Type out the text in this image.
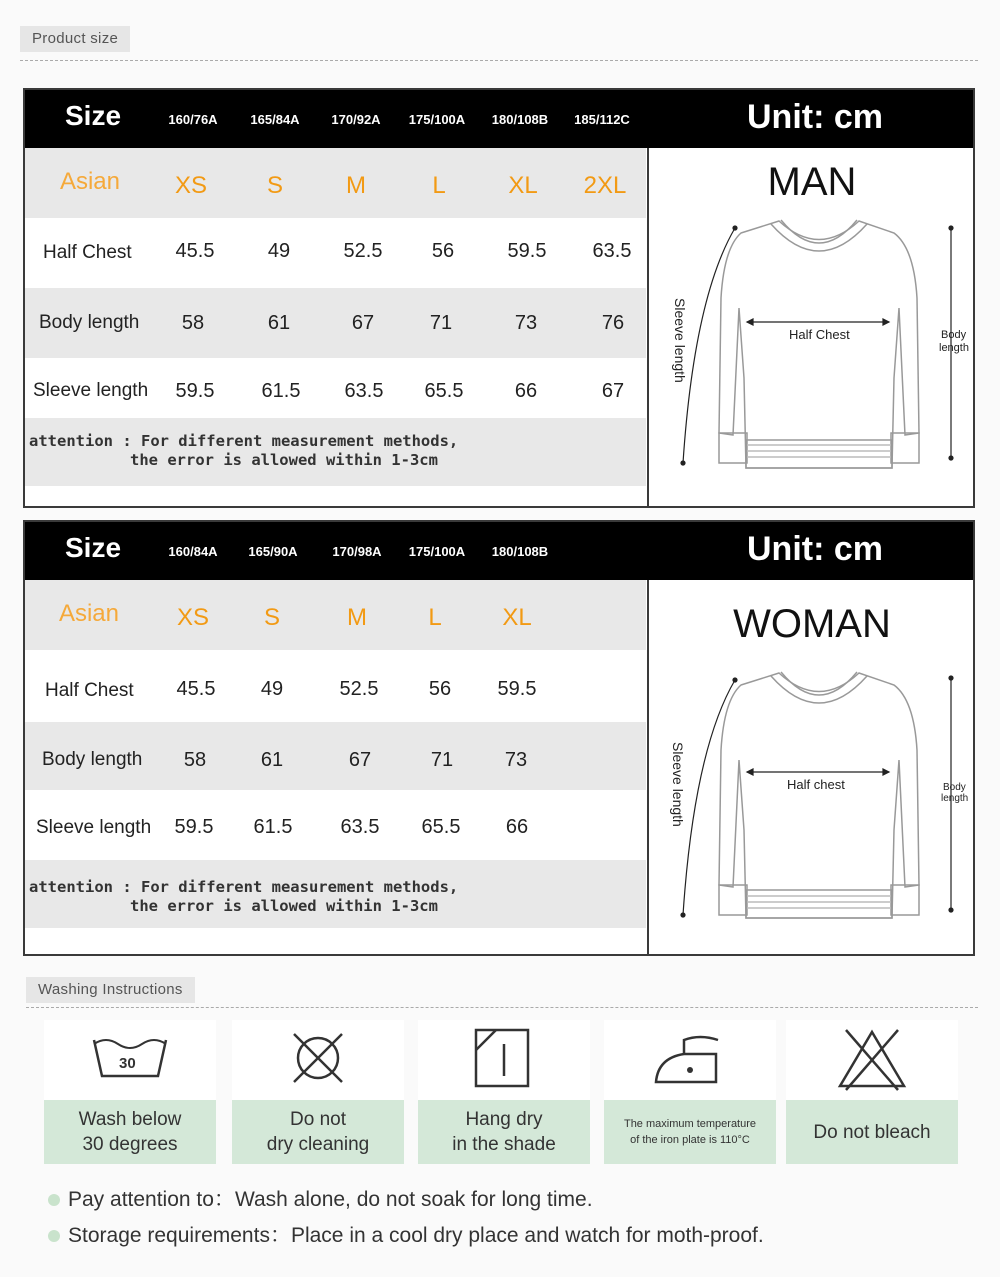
Product size
Size	160/76A	165/84A	170/92A	175/100A	180/108B	185/112C	Unit: cm
Asian	XS	S	M	L	XL	2XL
Half Chest	45.5	49	52.5	56	59.5	63.5
Body length	58	61	67	71	73	76
Sleeve length	59.5	61.5	63.5	65.5	66	67
attention : For different measurement methods,
the error is allowed within 1-3cm
MAN
Half Chest	Body
length
Sleeve length
Size	160/84A	165/90A	170/98A	175/100A	180/108B	Unit: cm
Asian	XS	S	M	L	XL
Half Chest	45.5	49	52.5	56	59.5
Body length	58	61	67	71	73
Sleeve length	59.5	61.5	63.5	65.5	66
attention : For different measurement methods,
the error is allowed within 1-3cm
WOMAN
Half chest	Body
length
Sleeve length
Washing Instructions
30
Wash below
30 degrees
Do not
dry cleaning
Hang dry
in the shade
The maximum temperature
of the iron plate is 110°C	Do not bleach
Pay attention to：Wash alone, do not soak for long time.
Storage requirements：Place in a cool dry place and watch for moth-proof.
